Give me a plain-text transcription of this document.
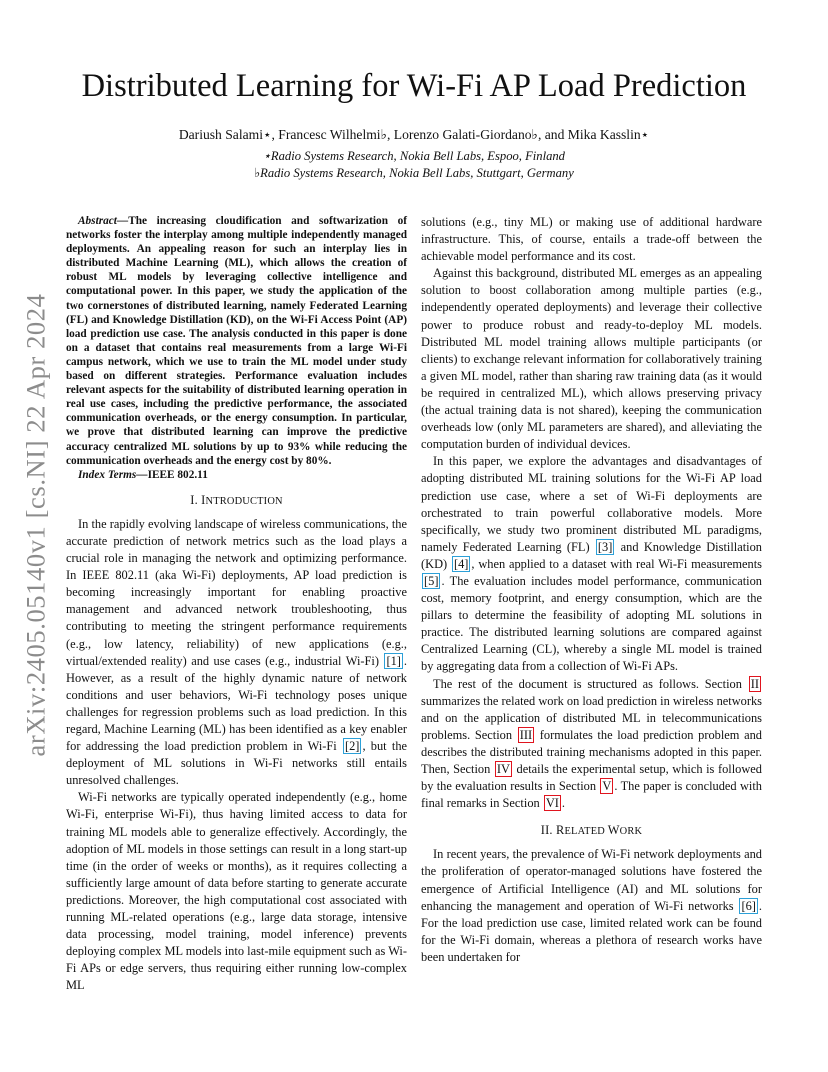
arXiv:2405.05140v1 [cs.NI] 22 Apr 2024
Distributed Learning for Wi-Fi AP Load Prediction
Dariush Salami⋆, Francesc Wilhelmi♭, Lorenzo Galati-Giordano♭, and Mika Kasslin⋆
⋆Radio Systems Research, Nokia Bell Labs, Espoo, Finland
♭Radio Systems Research, Nokia Bell Labs, Stuttgart, Germany

Abstract—The increasing cloudification and softwarization of networks foster the interplay among multiple independently managed deployments. An appealing reason for such an interplay lies in distributed Machine Learning (ML), which allows the creation of robust ML models by leveraging collective intelligence and computational power. In this paper, we study the application of the two cornerstones of distributed learning, namely Federated Learning (FL) and Knowledge Distillation (KD), on the Wi-Fi Access Point (AP) load prediction use case. The analysis conducted in this paper is done on a dataset that contains real measurements from a large Wi-Fi campus network, which we use to train the ML model under study based on different strategies. Performance evaluation includes relevant aspects for the suitability of distributed learning operation in real use cases, including the predictive performance, the associated communication overheads, or the energy consumption. In particular, we prove that distributed learning can improve the predictive accuracy centralized ML solutions by up to 93% while reducing the communication overheads and the energy cost by 80%.

Index Terms—IEEE 802.11

I. INTRODUCTION

In the rapidly evolving landscape of wireless communications, the accurate prediction of network metrics such as the load plays a crucial role in managing the network and optimizing performance. In IEEE 802.11 (aka Wi-Fi) deployments, AP load prediction is becoming increasingly important for enabling proactive management and advanced network troubleshooting, thus contributing to meeting the stringent performance requirements (e.g., low latency, reliability) of new applications (e.g., virtual/extended reality) and use cases (e.g., industrial Wi-Fi) [1] . However, as a result of the highly dynamic nature of network conditions and user behaviors, Wi-Fi technology poses unique challenges for regression problems such as load prediction. In this regard, Machine Learning (ML) has been identified as a key enabler for addressing the load prediction problem in Wi-Fi [2] , but the deployment of ML solutions in Wi-Fi networks still entails unresolved challenges.

Wi-Fi networks are typically operated independently (e.g., home Wi-Fi, enterprise Wi-Fi), thus having limited access to data for training ML models able to generalize effectively. Accordingly, the adoption of ML models in those settings can result in a long start-up time (in the order of weeks or months), as it requires collecting a sufficiently large amount of data before starting to generate accurate predictions. Moreover, the high computational cost associated with running ML-related operations (e.g., large data storage, intensive data processing, model training, model inference) prevents deploying complex ML models into last-mile equipment such as Wi-Fi APs or edge servers, thus requiring either running low-complex ML

solutions (e.g., tiny ML) or making use of additional hardware infrastructure. This, of course, entails a trade-off between the achievable model performance and its cost.

Against this background, distributed ML emerges as an appealing solution to boost collaboration among multiple parties (e.g., independently operated deployments) and leverage their collective power to produce robust and ready-to-deploy ML models. Distributed ML model training allows multiple participants (or clients) to exchange relevant information for collaboratively training a given ML model, rather than sharing raw training data (as it would be required in centralized ML), which allows preserving privacy (the actual training data is not shared), keeping the communication overheads low (only ML parameters are shared), and alleviating the computation burden of individual devices.

In this paper, we explore the advantages and disadvantages of adopting distributed ML training solutions for the Wi-Fi AP load prediction use case, where a set of Wi-Fi deployments are orchestrated to train powerful collaborative models. More specifically, we study two prominent distributed ML paradigms, namely Federated Learning (FL) [3] and Knowledge Distillation (KD) [4] , when applied to a dataset with real Wi-Fi measurements [5] . The evaluation includes model performance, communication cost, memory footprint, and energy consumption, which are the pillars to determine the feasibility of adopting ML solutions in practice. The distributed learning solutions are compared against Centralized Learning (CL), whereby a single ML model is trained by aggregating data from a collection of Wi-Fi APs.

The rest of the document is structured as follows. Section II summarizes the related work on load prediction in wireless networks and on the application of distributed ML in telecommunications problems. Section III formulates the load prediction problem and describes the distributed training mechanisms adopted in this paper. Then, Section IV details the experimental setup, which is followed by the evaluation results in Section V . The paper is concluded with final remarks in Section VI .

II. RELATED WORK

In recent years, the prevalence of Wi-Fi network deployments and the proliferation of operator-managed solutions have fostered the emergence of Artificial Intelligence (AI) and ML solutions for enhancing the management and operation of Wi-Fi networks [6] . For the load prediction use case, limited related work can be found for the Wi-Fi domain, whereas a plethora of research works have been undertaken for
